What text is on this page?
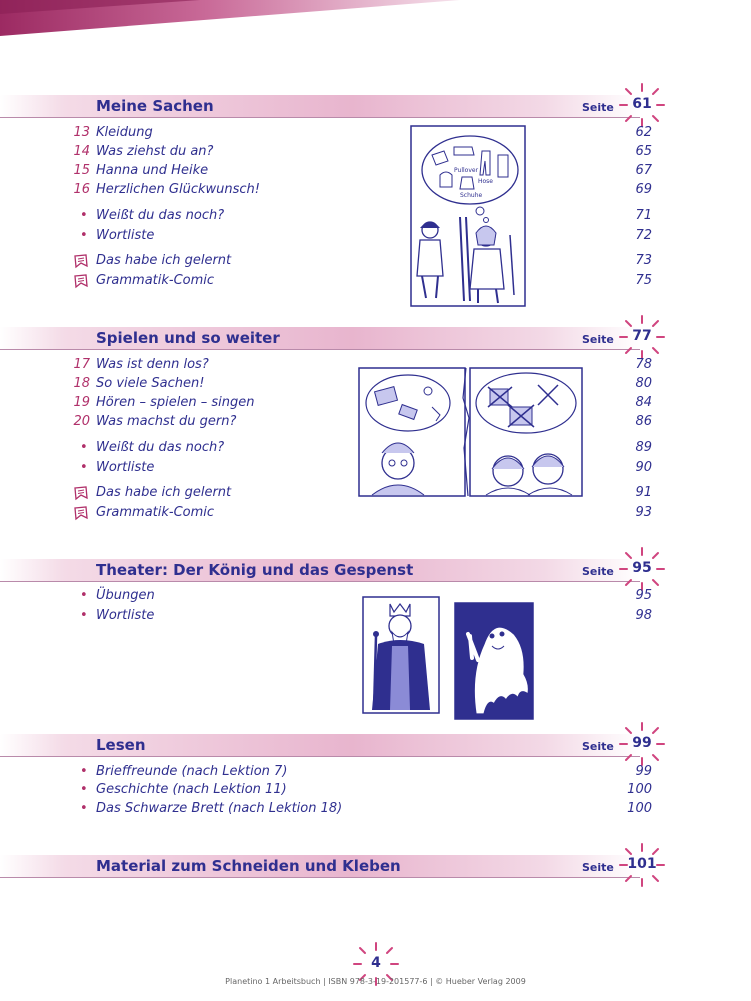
Meine Sachen	Seite	61
13 Kleidung	62
14 Was ziehst du an?	65
15 Hanna und Heike	67
16 Herzlichen Glückwunsch!	69
• Weißt du das noch?	71
• Wortliste	72
Das habe ich gelernt	73
Grammatik-Comic	75
Pullover
Hose
Schuhe
Spielen und so weiter	Seite	77
17 Was ist denn los?	78
18 So viele Sachen!	80
19 Hören – spielen – singen	84
20 Was machst du gern?	86
• Weißt du das noch?	89
• Wortliste	90
Das habe ich gelernt	91
Grammatik-Comic	93
Theater: Der König und das Gespenst	Seite	95
• Übungen	95
• Wortliste	98
Lesen	Seite	99
• Brieffreunde (nach Lektion 7)	99
• Geschichte (nach Lektion 11)	100
• Das Schwarze Brett (nach Lektion 18)	100
Material zum Schneiden und Kleben	Seite 101
4
Planetino 1 Arbeitsbuch | ISBN 978-3-19-201577-6 | © Hueber Verlag 2009
